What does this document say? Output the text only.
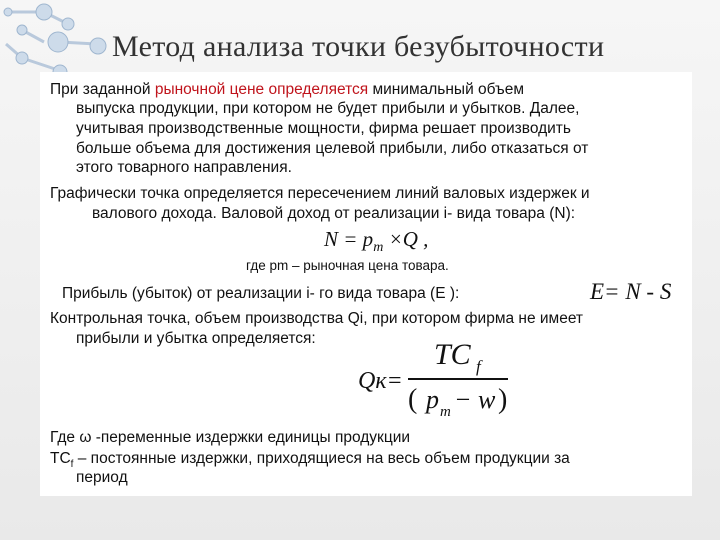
Метод анализа точки безубыточности
При заданной рыночной цене определяется минимальный объем
выпуска продукции, при котором не будет прибыли и убытков. Далее,
учитывая производственные мощности, фирма решает производить
больше объема для достижения целевой прибыли, либо отказаться от
этого товарного направления.
Графически точка определяется пересечением линий валовых издержек и
валового дохода. Валовой доход от реализации i- вида товара (N):
$N = p_m \times Q$ ,
где pm – рыночная цена товара.
Прибыль (убыток) от реализации i- го вида товара (E ):	E= N - S
Контрольная точка, объем производства Qi, при котором фирма не имеет
прибыли и убытка определяется:
Qк=
TC f
( p m − w )
Где ω -переменные издержки единицы продукции
$TC_f$ – постоянные издержки, приходящиеся на весь объем продукции за
период
